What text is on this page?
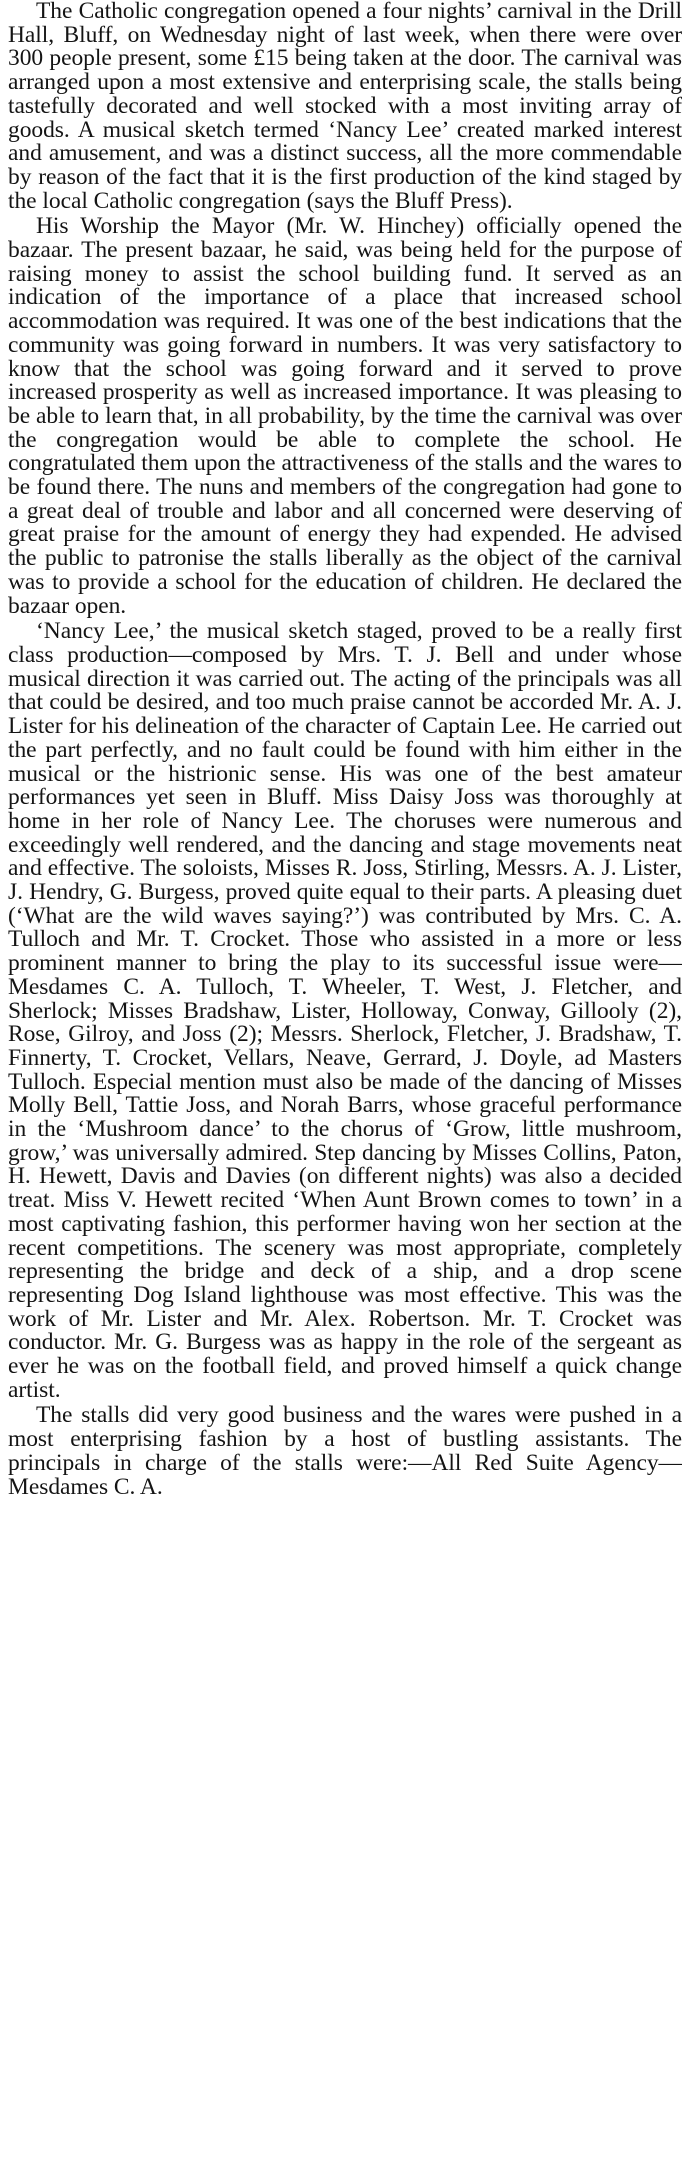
The Catholic congregation opened a four nights’ carnival in the Drill Hall, Bluff, on Wednesday night of last week, when there were over 300 people present, some £15 being taken at the door. The carnival was arranged upon a most extensive and enterprising scale, the stalls being tastefully decorated and well stocked with a most inviting array of goods. A musical sketch termed ‘Nancy Lee’ created marked interest and amusement, and was a distinct success, all the more commendable by reason of the fact that it is the first production of the kind staged by the local Catholic congregation (says the Bluff Press).

His Worship the Mayor (Mr. W. Hinchey) officially opened the bazaar. The present bazaar, he said, was being held for the purpose of raising money to assist the school building fund. It served as an indication of the importance of a place that increased school accommodation was required. It was one of the best indications that the community was going forward in numbers. It was very satisfactory to know that the school was going forward and it served to prove increased prosperity as well as increased importance. It was pleasing to be able to learn that, in all probability, by the time the carnival was over the congregation would be able to complete the school. He congratulated them upon the attractiveness of the stalls and the wares to be found there. The nuns and members of the congregation had gone to a great deal of trouble and labor and all concerned were deserving of great praise for the amount of energy they had expended. He advised the public to patronise the stalls liberally as the object of the carnival was to provide a school for the education of children. He declared the bazaar open.

‘Nancy Lee,’ the musical sketch staged, proved to be a really first class production—composed by Mrs. T. J. Bell and under whose musical direction it was carried out. The acting of the principals was all that could be desired, and too much praise cannot be accorded Mr. A. J. Lister for his delineation of the character of Captain Lee. He carried out the part perfectly, and no fault could be found with him either in the musical or the histrionic sense. His was one of the best amateur performances yet seen in Bluff. Miss Daisy Joss was thoroughly at home in her role of Nancy Lee. The choruses were numerous and exceedingly well rendered, and the dancing and stage movements neat and effective. The soloists, Misses R. Joss, Stirling, Messrs. A. J. Lister, J. Hendry, G. Burgess, proved quite equal to their parts. A pleasing duet (‘What are the wild waves saying?’) was contributed by Mrs. C. A. Tulloch and Mr. T. Crocket. Those who assisted in a more or less prominent manner to bring the play to its successful issue were—Mesdames C. A. Tulloch, T. Wheeler, T. West, J. Fletcher, and Sherlock; Misses Bradshaw, Lister, Holloway, Conway, Gillooly (2), Rose, Gilroy, and Joss (2); Messrs. Sherlock, Fletcher, J. Bradshaw, T. Finnerty, T. Crocket, Vellars, Neave, Gerrard, J. Doyle, ad Masters Tulloch. Especial mention must also be made of the dancing of Misses Molly Bell, Tattie Joss, and Norah Barrs, whose graceful performance in the ‘Mushroom dance’ to the chorus of ‘Grow, little mushroom, grow,’ was universally admired. Step dancing by Misses Collins, Paton, H. Hewett, Davis and Davies (on different nights) was also a decided treat. Miss V. Hewett recited ‘When Aunt Brown comes to town’ in a most captivating fashion, this performer having won her section at the recent competitions. The scenery was most appropriate, completely representing the bridge and deck of a ship, and a drop scene representing Dog Island lighthouse was most effective. This was the work of Mr. Lister and Mr. Alex. Robertson. Mr. T. Crocket was conductor. Mr. G. Burgess was as happy in the role of the sergeant as ever he was on the football field, and proved himself a quick change artist.

The stalls did very good business and the wares were pushed in a most enterprising fashion by a host of bustling assistants. The principals in charge of the stalls were:—All Red Suite Agency—Mesdames C. A.
